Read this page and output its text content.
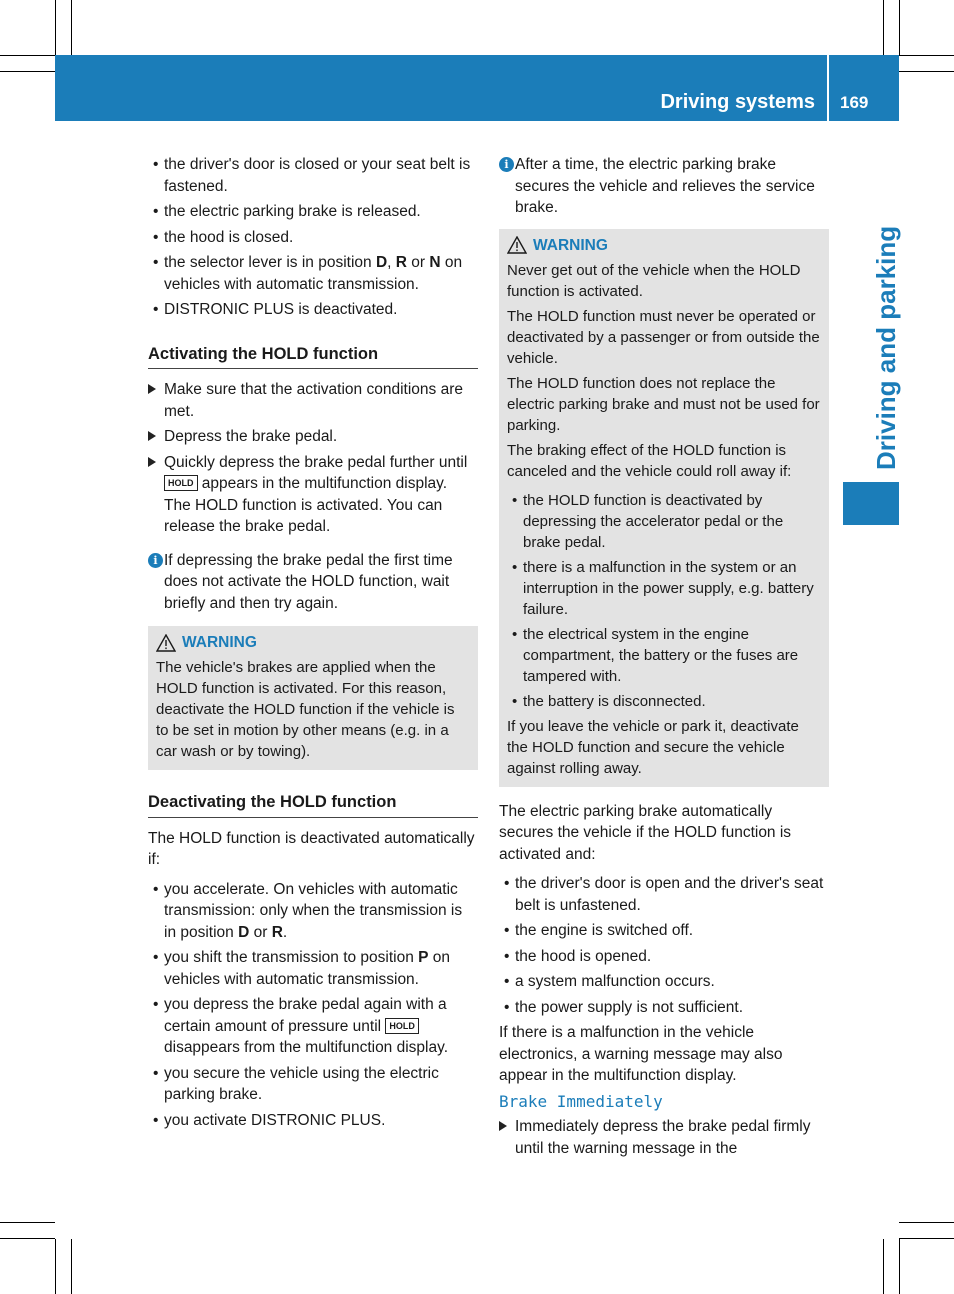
Driving systems 169
Driving and parking
• the driver's door is closed or your seat belt is fastened.
• the electric parking brake is released.
• the hood is closed.
• the selector lever is in position D, R or N on vehicles with automatic transmission.
• DISTRONIC PLUS is deactivated.
Activating the HOLD function
Make sure that the activation conditions are met.
Depress the brake pedal.
Quickly depress the brake pedal further until HOLD appears in the multifunction display.
The HOLD function is activated. You can release the brake pedal.
i If depressing the brake pedal the first time does not activate the HOLD function, wait briefly and then try again.
WARNING

The vehicle's brakes are applied when the HOLD function is activated. For this reason, deactivate the HOLD function if the vehicle is to be set in motion by other means (e.g. in a car wash or by towing).

Deactivating the HOLD function

The HOLD function is deactivated automatically if:

• you accelerate. On vehicles with automatic transmission: only when the transmission is in position D or R.
• you shift the transmission to position P on vehicles with automatic transmission.
• you depress the brake pedal again with a certain amount of pressure until HOLD disappears from the multifunction display.
• you secure the vehicle using the electric parking brake.
• you activate DISTRONIC PLUS.
i After a time, the electric parking brake secures the vehicle and relieves the service brake.
WARNING

Never get out of the vehicle when the HOLD function is activated.

The HOLD function must never be operated or deactivated by a passenger or from outside the vehicle.

The HOLD function does not replace the electric parking brake and must not be used for parking.

The braking effect of the HOLD function is canceled and the vehicle could roll away if:

• the HOLD function is deactivated by depressing the accelerator pedal or the brake pedal.
• there is a malfunction in the system or an interruption in the power supply, e.g. battery failure.
• the electrical system in the engine compartment, the battery or the fuses are tampered with.
• the battery is disconnected.

If you leave the vehicle or park it, deactivate the HOLD function and secure the vehicle against rolling away.

The electric parking brake automatically secures the vehicle if the HOLD function is activated and:

• the driver's door is open and the driver's seat belt is unfastened.
• the engine is switched off.
• the hood is opened.
• a system malfunction occurs.
• the power supply is not sufficient.

If there is a malfunction in the vehicle electronics, a warning message may also appear in the multifunction display.

Brake Immediately
Immediately depress the brake pedal firmly until the warning message in the
